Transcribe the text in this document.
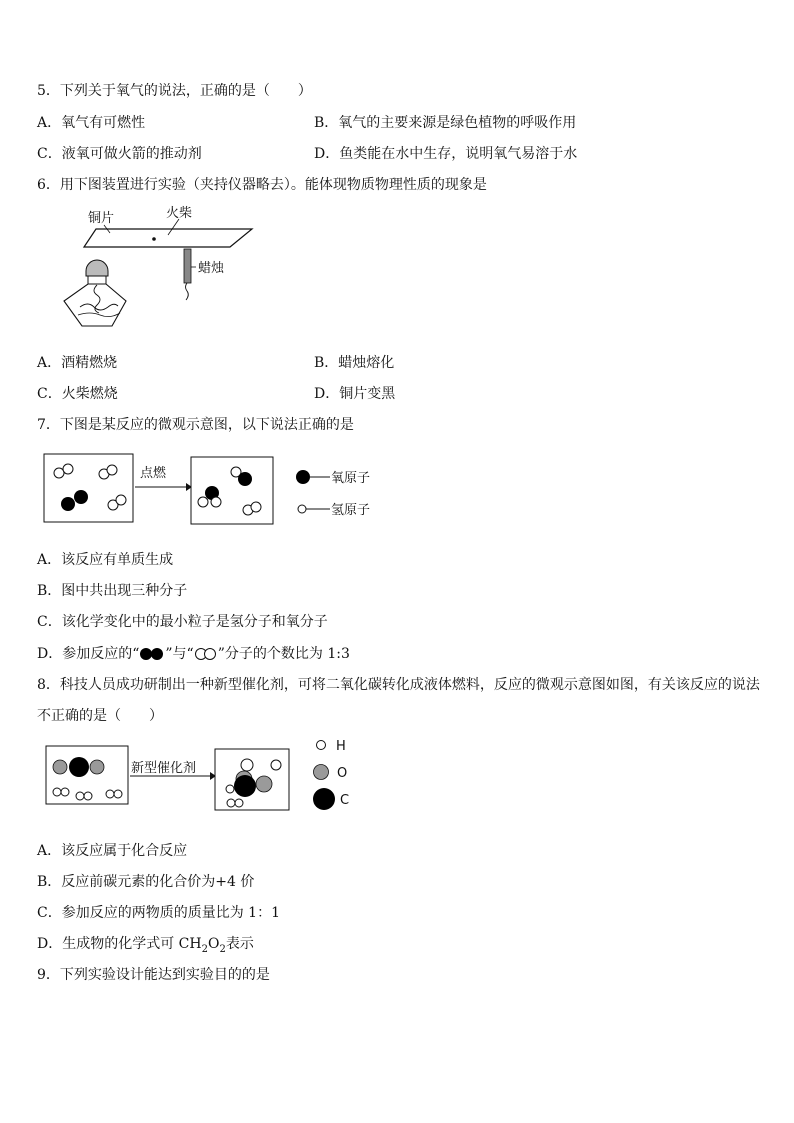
5．下列关于氧气的说法，正确的是（　　）
A．氧气有可燃性	B．氧气的主要来源是绿色植物的呼吸作用
C．液氧可做火箭的推动剂	D．鱼类能在水中生存，说明氧气易溶于水
6．用下图装置进行实验（夹持仪器略去）。能体现物质物理性质的现象是
铜片	火柴
蜡烛
A．酒精燃烧	B．蜡烛熔化
C．火柴燃烧	D．铜片变黑
7．下图是某反应的微观示意图，以下说法正确的是
点燃	氧原子
氢原子
A．该反应有单质生成
B．图中共出现三种分子
C．该化学变化中的最小粒子是氢分子和氧分子
D．参加反应的“ ”与“ ”分子的个数比为 1:3
8．科技人员成功研制出一种新型催化剂，可将二氧化碳转化成液体燃料，反应的微观示意图如图，有关该反应的说法
不正确的是（　　）
新型催化剂
H
O
C
A．该反应属于化合反应
B．反应前碳元素的化合价为+4 价
C．参加反应的两物质的质量比为 1：1
D．生成物的化学式可 $CH_2O_2$表示
9．下列实验设计能达到实验目的的是
